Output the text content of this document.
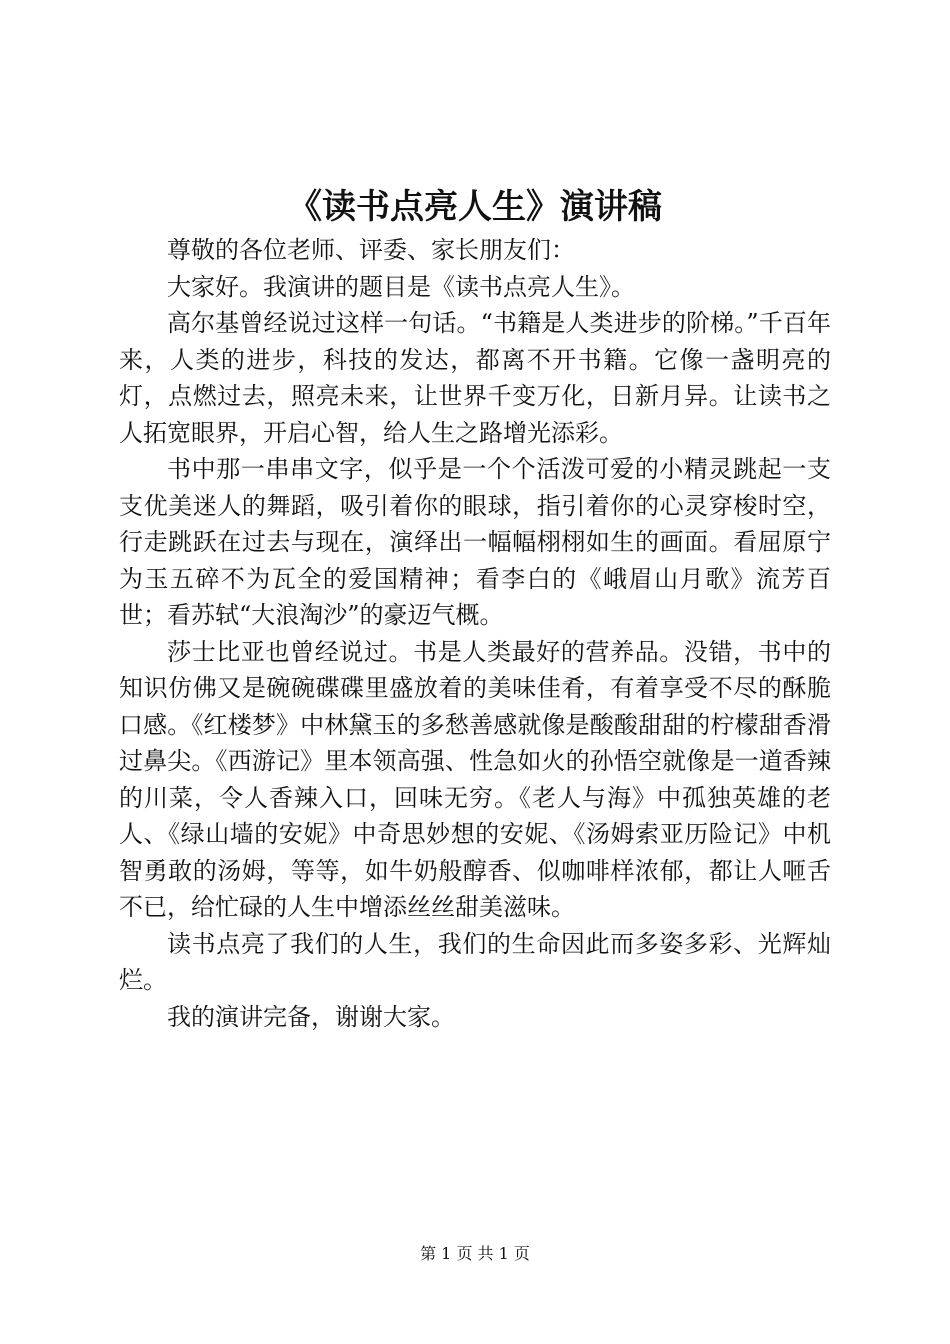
《读书点亮人生》演讲稿

尊敬的各位老师、评委、家长朋友们：

大家好。我演讲的题目是《读书点亮人生》。

高尔基曾经说过这样一句话。“书籍是人类进步的阶梯。”千百年来，人类的进步，科技的发达，都离不开书籍。它像一盏明亮的灯，点燃过去，照亮未来，让世界千变万化，日新月异。让读书之人拓宽眼界，开启心智，给人生之路增光添彩。

书中那一串串文字，似乎是一个个活泼可爱的小精灵跳起一支支优美迷人的舞蹈，吸引着你的眼球，指引着你的心灵穿梭时空，行走跳跃在过去与现在，演绎出一幅幅栩栩如生的画面。看屈原宁为玉五碎不为瓦全的爱国精神；看李白的《峨眉山月歌》流芳百世；看苏轼“大浪淘沙”的豪迈气概。

莎士比亚也曾经说过。书是人类最好的营养品。没错，书中的知识仿佛又是碗碗碟碟里盛放着的美味佳肴，有着享受不尽的酥脆口感。《红楼梦》中林黛玉的多愁善感就像是酸酸甜甜的柠檬甜香滑过鼻尖。《西游记》里本领高强、性急如火的孙悟空就像是一道香辣的川菜，令人香辣入口，回味无穷。《老人与海》中孤独英雄的老人、《绿山墙的安妮》中奇思妙想的安妮、《汤姆索亚历险记》中机智勇敢的汤姆，等等，如牛奶般醇香、似咖啡样浓郁，都让人咂舌不已，给忙碌的人生中增添丝丝甜美滋味。

读书点亮了我们的人生，我们的生命因此而多姿多彩、光辉灿烂。

我的演讲完备，谢谢大家。

第 1 页 共 1 页
